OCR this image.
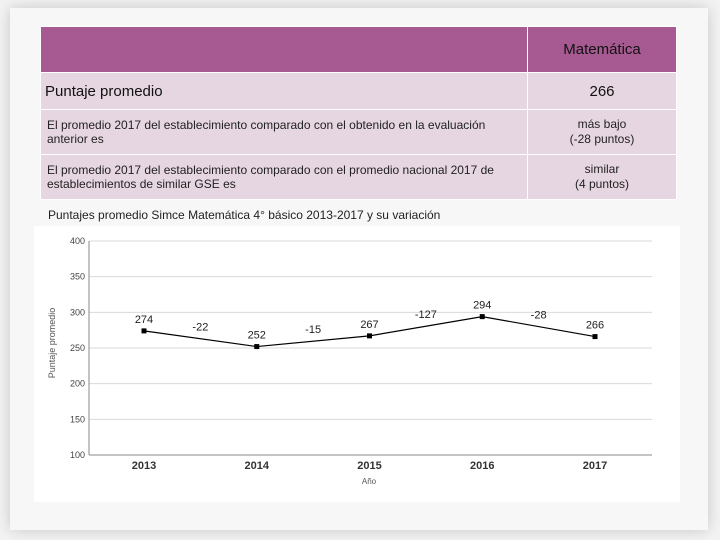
	Matemática
Puntaje promedio	266
El promedio 2017 del establecimiento comparado con el obtenido en la evaluación anterior es	más bajo
(-28 puntos)

El promedio 2017 del establecimiento comparado con el promedio nacional 2017 de establecimientos de similar GSE es	similar
(4 puntos)
Puntajes promedio Simce Matemática 4° básico 2013-2017 y su variación
100
150
200
250
300
350
400
2013	2014	2015	2016	2017
Año
Puntaje promedio	274
252
267
294
266
-22	-15
-127	-28
